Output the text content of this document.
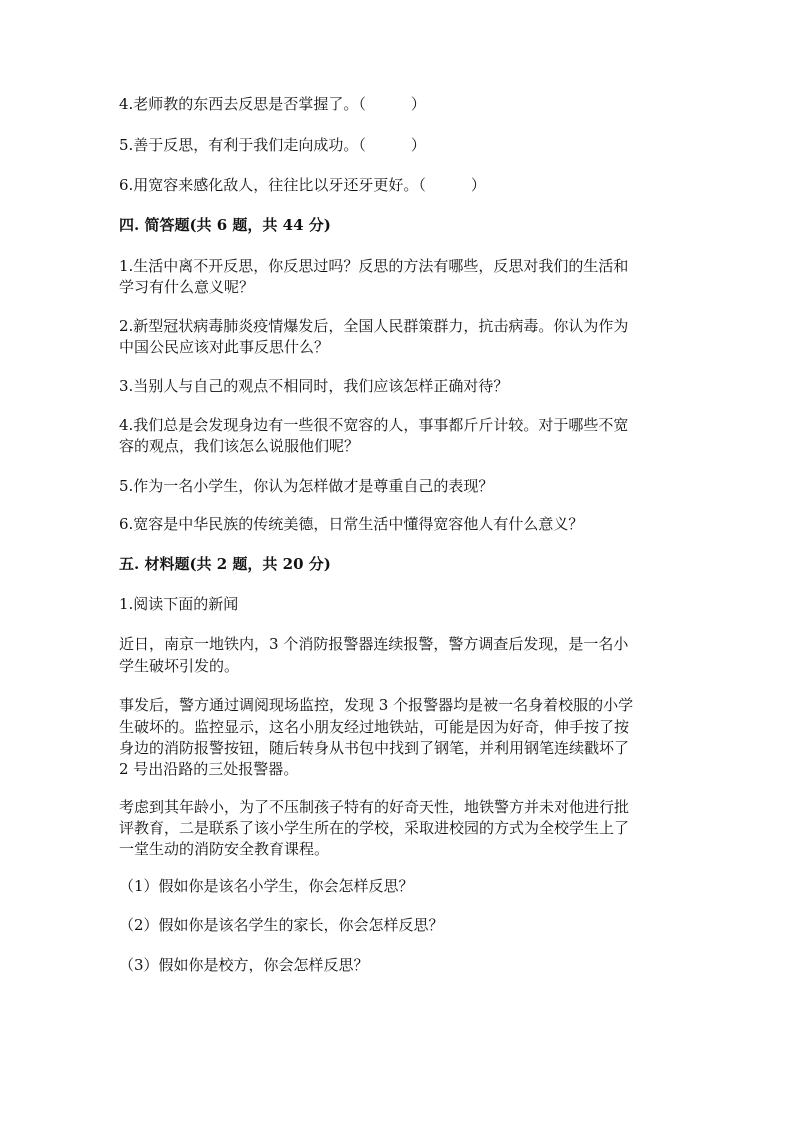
4.老师教的东西去反思是否掌握了。（　　　）
5.善于反思，有利于我们走向成功。（　　　）
6.用宽容来感化敌人，往往比以牙还牙更好。（　　　）
四. 简答题(共 6 题，共 44 分)
1.生活中离不开反思，你反思过吗？反思的方法有哪些，反思对我们的生活和
学习有什么意义呢？
2.新型冠状病毒肺炎疫情爆发后，全国人民群策群力，抗击病毒。你认为作为
中国公民应该对此事反思什么？
3.当别人与自己的观点不相同时，我们应该怎样正确对待？
4.我们总是会发现身边有一些很不宽容的人，事事都斤斤计较。对于哪些不宽
容的观点，我们该怎么说服他们呢？
5.作为一名小学生，你认为怎样做才是尊重自己的表现？
6.宽容是中华民族的传统美德，日常生活中懂得宽容他人有什么意义？
五. 材料题(共 2 题，共 20 分)
1.阅读下面的新闻
近日，南京一地铁内，3 个消防报警器连续报警，警方调查后发现，是一名小
学生破坏引发的。
事发后，警方通过调阅现场监控，发现 3 个报警器均是被一名身着校服的小学
生破坏的。监控显示，这名小朋友经过地铁站，可能是因为好奇，伸手按了按
身边的消防报警按钮，随后转身从书包中找到了钢笔，并利用钢笔连续戳坏了
2 号出沿路的三处报警器。
考虑到其年龄小，为了不压制孩子特有的好奇天性，地铁警方并未对他进行批
评教育，二是联系了该小学生所在的学校，采取进校园的方式为全校学生上了
一堂生动的消防安全教育课程。
（1）假如你是该名小学生，你会怎样反思？
（2）假如你是该名学生的家长，你会怎样反思？
（3）假如你是校方，你会怎样反思？
